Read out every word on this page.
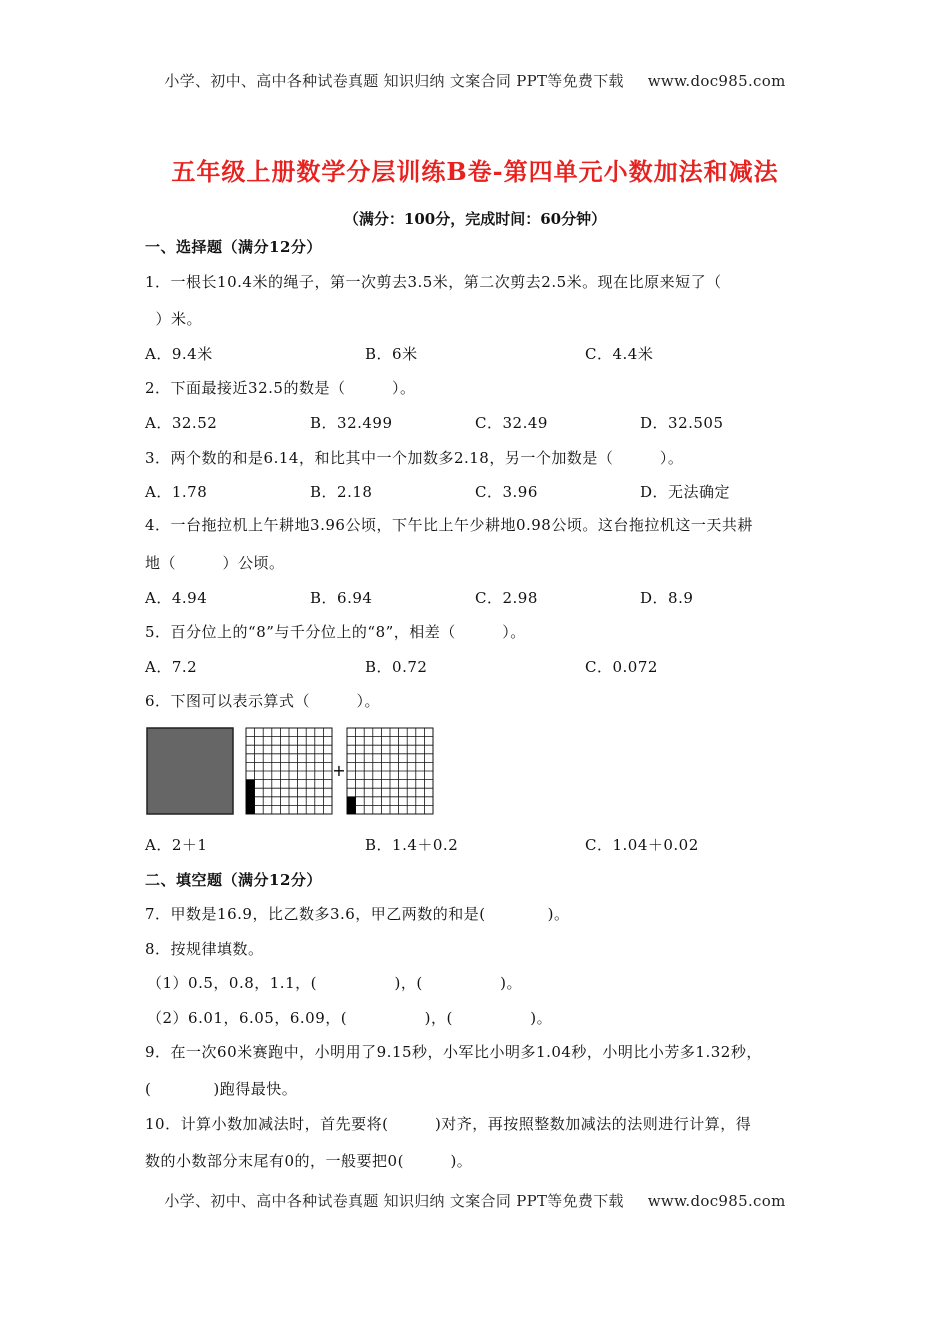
小学、初中、高中各种试卷真题 知识归纳 文案合同 PPT等免费下载 www.doc985.com
五年级上册数学分层训练B卷-第四单元小数加法和减法
（满分：100分，完成时间：60分钟）
一、选择题（满分12分）
1．一根长10.4米的绳子，第一次剪去3.5米，第二次剪去2.5米。现在比原来短了（
）米。
A．9.4米	B．6米	C．4.4米
2．下面最接近32.5的数是（　　　）。
A．32.52	B．32.499	C．32.49	D．32.505
3．两个数的和是6.14，和比其中一个加数多2.18，另一个加数是（　　　）。
A．1.78	B．2.18	C．3.96	D．无法确定
4．一台拖拉机上午耕地3.96公顷，下午比上午少耕地0.98公顷。这台拖拉机这一天共耕
地（　　　）公顷。
A．4.94	B．6.94	C．2.98	D．8.9
5．百分位上的“8”与千分位上的“8”，相差（　　　）。
A．7.2	B．0.72	C．0.072
6．下图可以表示算式（　　　）。
+
A．2＋1	B．1.4＋0.2	C．1.04＋0.02
二、填空题（满分12分）
7．甲数是16.9，比乙数多3.6，甲乙两数的和是(　　　　)。
8．按规律填数。
（1）0.5，0.8，1.1，(　　　　　)，(　　　　　)。
（2）6.01，6.05，6.09，(　　　　　)，(　　　　　)。
9．在一次60米赛跑中，小明用了9.15秒，小军比小明多1.04秒，小明比小芳多1.32秒，
(　　　　)跑得最快。
10．计算小数加减法时，首先要将(　　　)对齐，再按照整数加减法的法则进行计算，得
数的小数部分末尾有0的，一般要把0(　　　)。
小学、初中、高中各种试卷真题 知识归纳 文案合同 PPT等免费下载 www.doc985.com
